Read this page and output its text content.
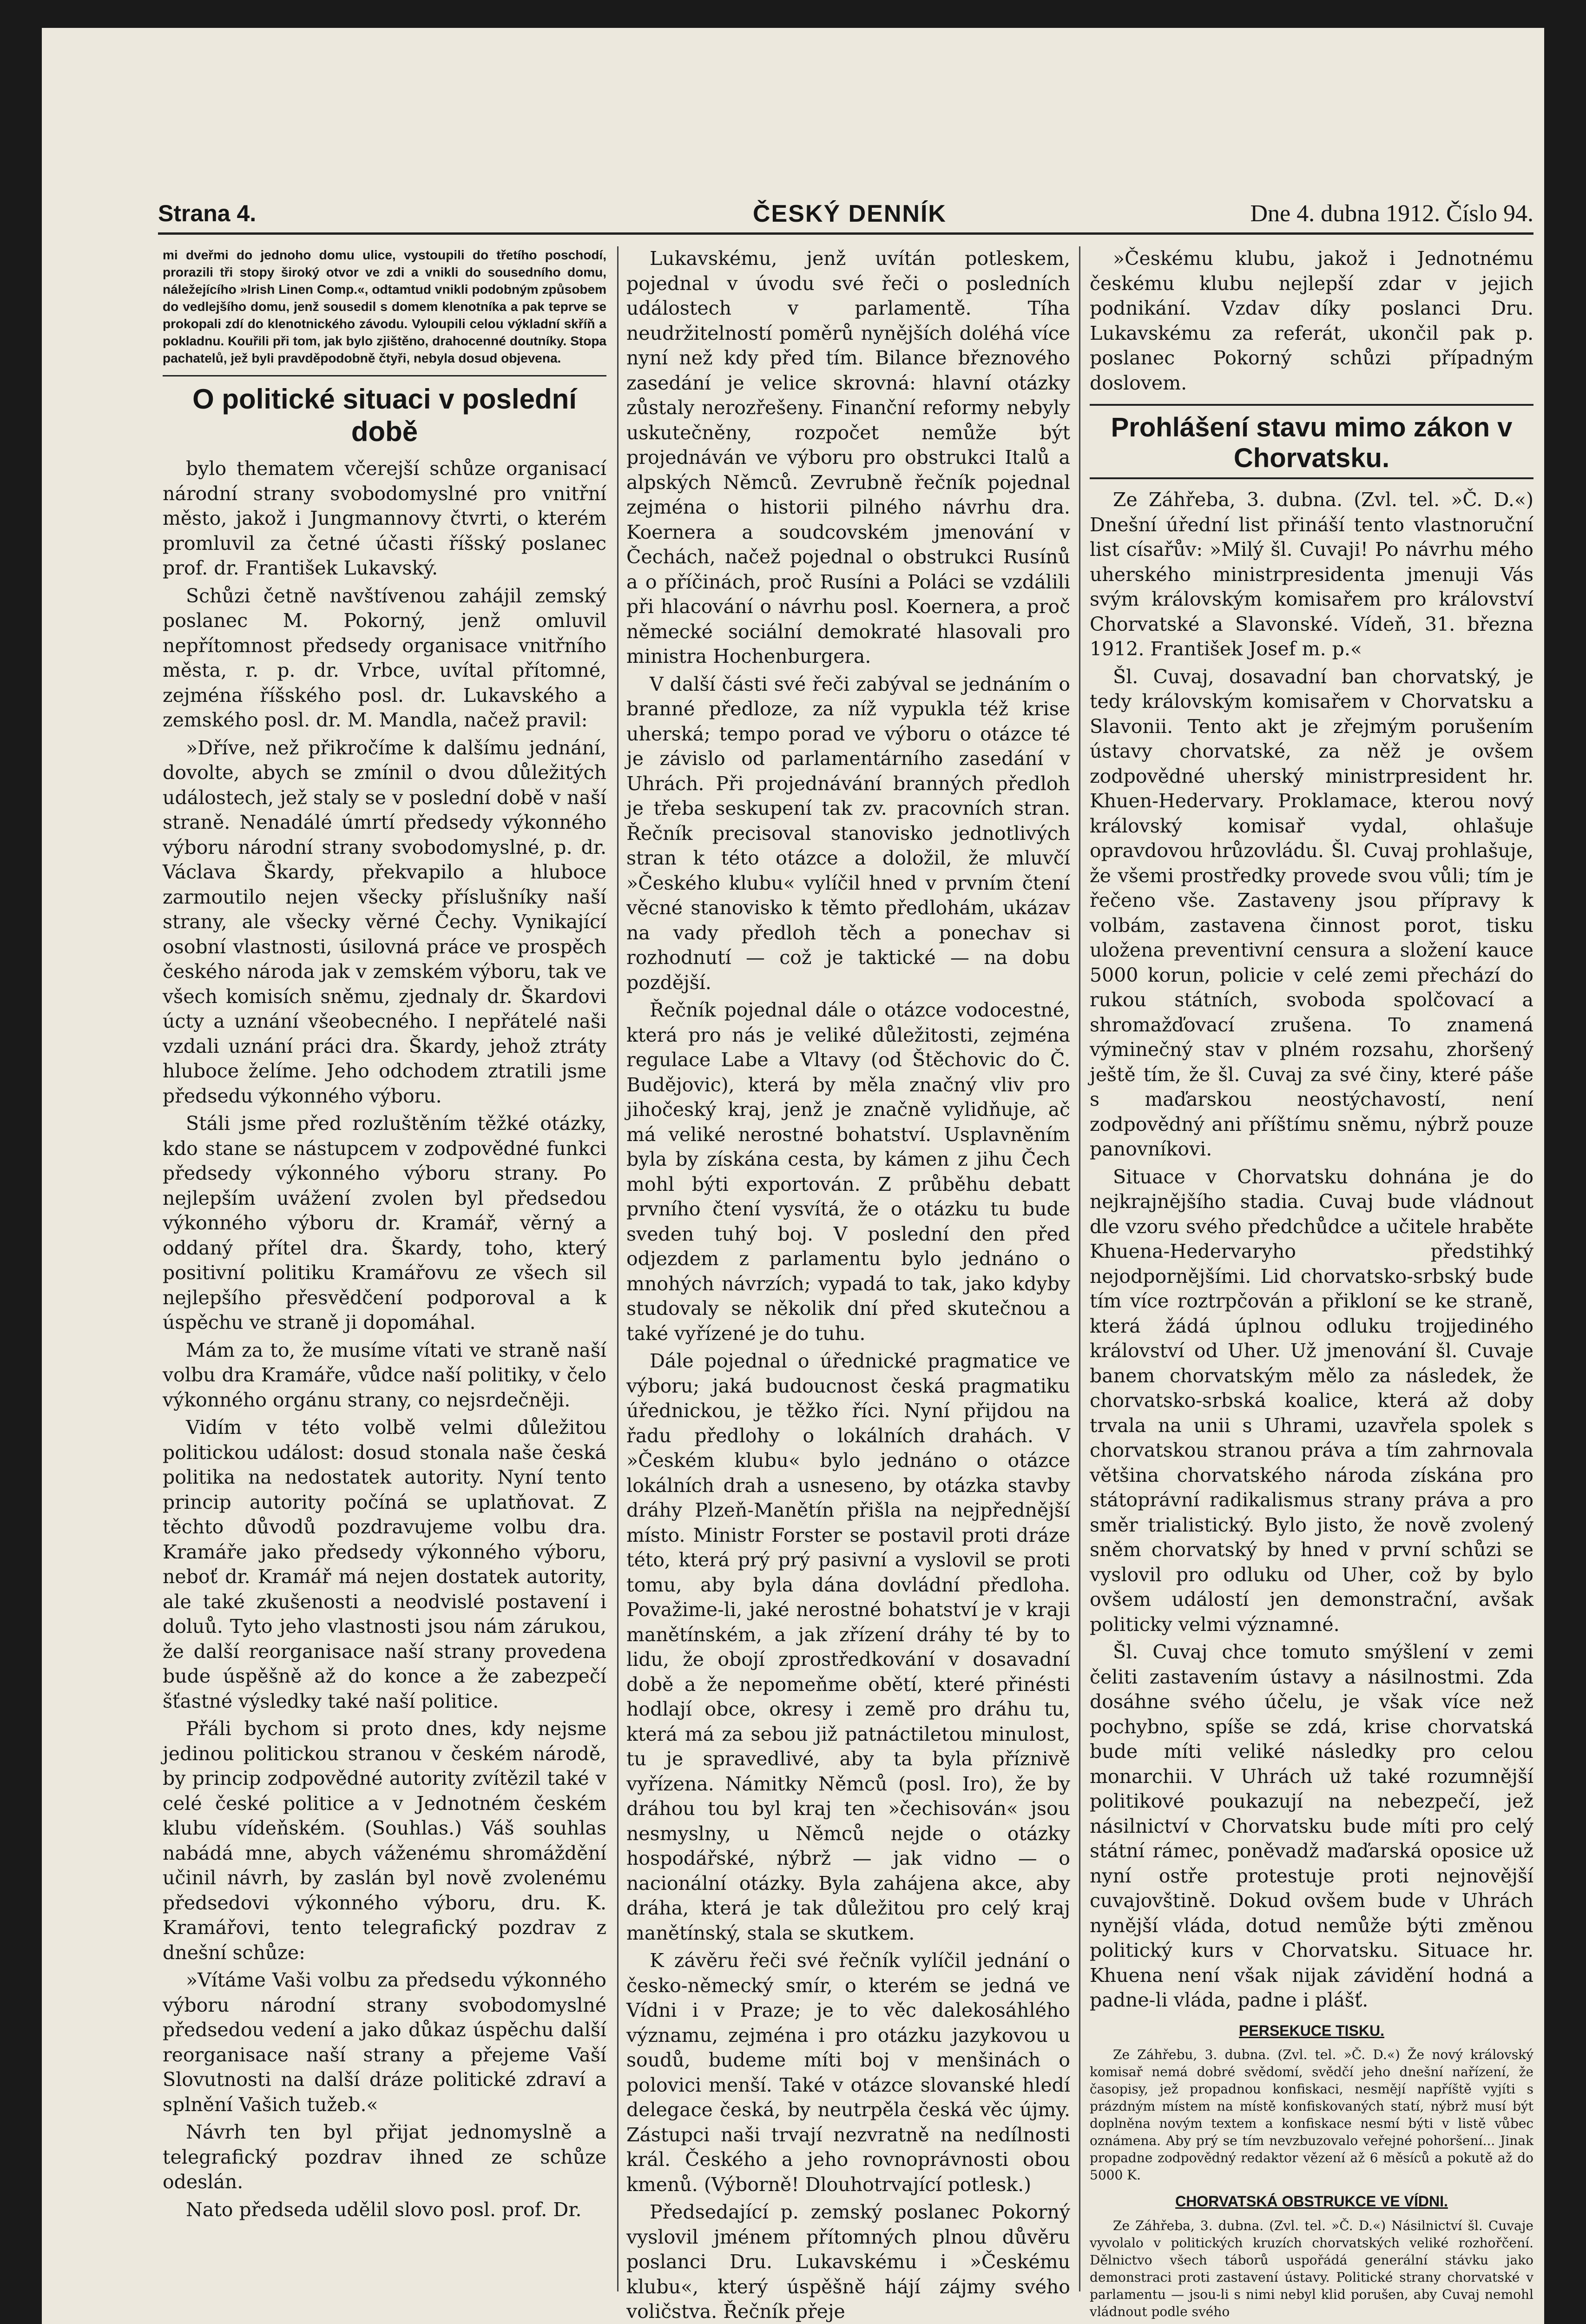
Strana 4.	ČESKÝ DENNÍK	Dne 4. dubna 1912. Číslo 94.

mi dveřmi do jednoho domu ulice, vystoupili do třetího poschodí, prorazili tři stopy široký otvor ve zdi a vnikli do sousedního domu, náležejícího »Irish Linen Comp.«, odtamtud vnikli podobným způsobem do vedlejšího domu, jenž sousedil s domem klenotníka a pak teprve se prokopali zdí do klenotnického závodu. Vyloupili celou výkladní skříň a pokladnu. Kouřili při tom, jak bylo zjištěno, drahocenné doutníky. Stopa pachatelů, jež byli pravděpodobně čtyři, nebyla dosud objevena.

O politické situaci v poslední době

bylo thematem včerejší schůze organisací národní strany svobodomyslné pro vnitřní město, jakož i Jungmannovy čtvrti, o kterém promluvil za četné účasti říšský poslanec prof. dr. František Lukavský.

Schůzi četně navštívenou zahájil zemský poslanec M. Pokorný, jenž omluvil nepřítomnost předsedy organisace vnitřního města, r. p. dr. Vrbce, uvítal přítomné, zejména říšského posl. dr. Lukavského a zemského posl. dr. M. Mandla, načež pravil:

»Dříve, než přikročíme k dalšímu jednání, dovolte, abych se zmínil o dvou důležitých událostech, jež staly se v poslední době v naší straně. Nenadálé úmrtí předsedy výkonného výboru národní strany svobodomyslné, p. dr. Václava Škardy, překvapilo a hluboce zarmoutilo nejen všecky příslušníky naší strany, ale všecky věrné Čechy. Vynikající osobní vlastnosti, úsilovná práce ve prospěch českého národa jak v zemském výboru, tak ve všech komisích sněmu, zjednaly dr. Škardovi úcty a uznání všeobecného. I nepřátelé naši vzdali uznání práci dra. Škardy, jehož ztráty hluboce želíme. Jeho odchodem ztratili jsme předsedu výkonného výboru.

Stáli jsme před rozluštěním těžké otázky, kdo stane se nástupcem v zodpovědné funkci předsedy výkonného výboru strany. Po nejlepším uvážení zvolen byl předsedou výkonného výboru dr. Kramář, věrný a oddaný přítel dra. Škardy, toho, který positivní politiku Kramářovu ze všech sil nejlepšího přesvědčení podporoval a k úspěchu ve straně ji dopomáhal.

Mám za to, že musíme vítati ve straně naší volbu dra Kramáře, vůdce naší politiky, v čelo výkonného orgánu strany, co nejsrdečněji.

Vidím v této volbě velmi důležitou politickou událost: dosud stonala naše česká politika na nedostatek autority. Nyní tento princip autority počíná se uplatňovat. Z těchto důvodů pozdravujeme volbu dra. Kramáře jako předsedy výkonného výboru, neboť dr. Kramář má nejen dostatek autority, ale také zkušenosti a neodvislé postavení i doluů. Tyto jeho vlastnosti jsou nám zárukou, že další reorganisace naší strany provedena bude úspěšně až do konce a že zabezpečí šťastné výsledky také naší politice.

Přáli bychom si proto dnes, kdy nejsme jedinou politickou stranou v českém národě, by princip zodpovědné autority zvítězil také v celé české politice a v Jednotném českém klubu vídeňském. (Souhlas.) Váš souhlas nabádá mne, abych váženému shromáždění učinil návrh, by zaslán byl nově zvolenému předsedovi výkonného výboru, dru. K. Kramářovi, tento telegrafický pozdrav z dnešní schůze:

»Vítáme Vaši volbu za předsedu výkonného výboru národní strany svobodomyslné předsedou vedení a jako důkaz úspěchu další reorganisace naší strany a přejeme Vaší Slovutnosti na další dráze politické zdraví a splnění Vašich tužeb.«

Návrh ten byl přijat jednomyslně a telegrafický pozdrav ihned ze schůze odeslán.

Nato předseda udělil slovo posl. prof. Dr.

Lukavskému, jenž uvítán potleskem, pojednal v úvodu své řeči o posledních událostech v parlamentě. Tíha neudržitelností poměrů nynějších doléhá více nyní než kdy před tím. Bilance březnového zasedání je velice skrovná: hlavní otázky zůstaly nerozřešeny. Finanční reformy nebyly uskutečněny, rozpočet nemůže být projednáván ve výboru pro obstrukci Italů a alpských Němců. Zevrubně řečník pojednal zejména o historii pilného návrhu dra. Koernera a soudcovském jmenování v Čechách, načež pojednal o obstrukci Rusínů a o příčinách, proč Rusíni a Poláci se vzdálili při hlacování o návrhu posl. Koernera, a proč německé sociální demokraté hlasovali pro ministra Hochenburgera.

V další části své řeči zabýval se jednáním o branné předloze, za níž vypukla též krise uherská; tempo porad ve výboru o otázce té je závislo od parlamentárního zasedání v Uhrách. Při projednávání branných předloh je třeba seskupení tak zv. pracovních stran. Řečník precisoval stanovisko jednotlivých stran k této otázce a doložil, že mluvčí »Českého klubu« vylíčil hned v prvním čtení věcné stanovisko k těmto předlohám, ukázav na vady předloh těch a ponechav si rozhodnutí — což je taktické — na dobu pozdější.

Řečník pojednal dále o otázce vodocestné, která pro nás je veliké důležitosti, zejména regulace Labe a Vltavy (od Štěchovic do Č. Budějovic), která by měla značný vliv pro jihočeský kraj, jenž je značně vylidňuje, ač má veliké nerostné bohatství. Usplavněním byla by získána cesta, by kámen z jihu Čech mohl býti exportován. Z průběhu debatt prvního čtení vysvítá, že o otázku tu bude sveden tuhý boj. V poslední den před odjezdem z parlamentu bylo jednáno o mnohých návrzích; vypadá to tak, jako kdyby studovaly se několik dní před skutečnou a také vyřízené je do tuhu.

Dále pojednal o úřednické pragmatice ve výboru; jaká budoucnost česká pragmatiku úřednickou, je těžko říci. Nyní přijdou na řadu předlohy o lokálních drahách. V »Českém klubu« bylo jednáno o otázce lokálních drah a usneseno, by otázka stavby dráhy Plzeň-Manětín přišla na nejpřednější místo. Ministr Forster se postavil proti dráze této, která prý prý pasivní a vyslovil se proti tomu, aby byla dána dovládní předloha. Považime-li, jaké nerostné bohatství je v kraji manětínském, a jak zřízení dráhy té by to lidu, že obojí zprostředkování v dosavadní době a že nepomeňme obětí, které přinésti hodlají obce, okresy i země pro dráhu tu, která má za sebou již patnáctiletou minulost, tu je spravedlivé, aby ta byla příznivě vyřízena. Námitky Němců (posl. Iro), že by dráhou tou byl kraj ten »čechisován« jsou nesmyslny, u Němců nejde o otázky hospodářské, nýbrž — jak vidno — o nacionální otázky. Byla zahájena akce, aby dráha, která je tak důležitou pro celý kraj manětínský, stala se skutkem.

K závěru řeči své řečník vylíčil jednání o česko-německý smír, o kterém se jedná ve Vídni i v Praze; je to věc dalekosáhlého významu, zejména i pro otázku jazykovou u soudů, budeme míti boj v menšinách o polovici menší. Také v otázce slovanské hledí delegace česká, by neutrpěla česká věc újmy. Zástupci naši trvají nezvratně na nedílnosti král. Českého a jeho rovnoprávnosti obou kmenů. (Výborně! Dlouhotrvající potlesk.)

Předsedající p. zemský poslanec Pokorný vyslovil jménem přítomných plnou důvěru poslanci Dru. Lukavskému i »Českému klubu«, který úspěšně hájí zájmy svého voličstva. Řečník přeje

»Českému klubu, jakož i Jednotnému českému klubu nejlepší zdar v jejich podnikání. Vzdav díky poslanci Dru. Lukavskému za referát, ukončil pak p. poslanec Pokorný schůzi případným doslovem.

Prohlášení stavu mimo zákon v Chorvatsku.

Ze Záhřeba, 3. dubna. (Zvl. tel. »Č. D.«) Dnešní úřední list přináší tento vlastnoruční list císařův: »Milý šl. Cuvaji! Po návrhu mého uherského ministrpresidenta jmenuji Vás svým královským komisařem pro království Chorvatské a Slavonské. Vídeň, 31. března 1912. František Josef m. p.«

Šl. Cuvaj, dosavadní ban chorvatský, je tedy královským komisařem v Chorvatsku a Slavonii. Tento akt je zřejmým porušením ústavy chorvatské, za něž je ovšem zodpovědné uherský ministrpresident hr. Khuen-Hedervary. Proklamace, kterou nový královský komisař vydal, ohlašuje opravdovou hrůzovládu. Šl. Cuvaj prohlašuje, že všemi prostředky provede svou vůli; tím je řečeno vše. Zastaveny jsou přípravy k volbám, zastavena činnost porot, tisku uložena preventivní censura a složení kauce 5000 korun, policie v celé zemi přechází do rukou státních, svoboda spolčovací a shromažďovací zrušena. To znamená výminečný stav v plném rozsahu, zhoršený ještě tím, že šl. Cuvaj za své činy, které páše s maďarskou neostýchavostí, není zodpovědný ani příštímu sněmu, nýbrž pouze panovníkovi.

Situace v Chorvatsku dohnána je do nejkrajnějšího stadia. Cuvaj bude vládnout dle vzoru svého předchůdce a učitele hraběte Khuena-Hedervaryho předstihký nejodpornějšími. Lid chorvatsko-srbský bude tím více roztrpčován a přikloní se ke straně, která žádá úplnou odluku trojjediného království od Uher. Už jmenování šl. Cuvaje banem chorvatským mělo za následek, že chorvatsko-srbská koalice, která až doby trvala na unii s Uhrami, uzavřela spolek s chorvatskou stranou práva a tím zahrnovala většina chorvatského národa získána pro státoprávní radikalismus strany práva a pro směr trialistický. Bylo jisto, že nově zvolený sněm chorvatský by hned v první schůzi se vyslovil pro odluku od Uher, což by bylo ovšem událostí jen demonstrační, avšak politicky velmi významné.

Šl. Cuvaj chce tomuto smýšlení v zemi čeliti zastavením ústavy a násilnostmi. Zda dosáhne svého účelu, je však více než pochybno, spíše se zdá, krise chorvatská bude míti veliké následky pro celou monarchii. V Uhrách už také rozumnější politikové poukazují na nebezpečí, jež násilnictví v Chorvatsku bude míti pro celý státní rámec, poněvadž maďarská oposice už nyní ostře protestuje proti nejnovější cuvajovštině. Dokud ovšem bude v Uhrách nynější vláda, dotud nemůže býti změnou politický kurs v Chorvatsku. Situace hr. Khuena není však nijak závidění hodná a padne-li vláda, padne i plášť.

PERSEKUCE TISKU.

Ze Záhřebu, 3. dubna. (Zvl. tel. »Č. D.«) Že nový královský komisař nemá dobré svědomí, svědčí jeho dnešní nařízení, že časopisy, jež propadnou konfiskaci, nesmějí napříště vyjíti s prázdným místem na místě konfiskovaných statí, nýbrž musí být doplněna novým textem a konfiskace nesmí býti v listě vůbec oznámena. Aby prý se tím nevzbuzovalo veřejné pohoršení... Jinak propadne zodpovědný redaktor vězení až 6 měsíců a pokutě až do 5000 K.

CHORVATSKÁ OBSTRUKCE VE VÍDNI.

Ze Záhřeba, 3. dubna. (Zvl. tel. »Č. D.«) Násilnictví šl. Cuvaje vyvolalo v politických kruzích chorvatských veliké rozhořčení. Dělnictvo všech táborů uspořádá generální stávku jako demonstraci proti zastavení ústavy. Politické strany chorvatské v parlamentu — jsou-li s nimi nebyl klid porušen, aby Cuvaj nemohl vládnout podle svého
